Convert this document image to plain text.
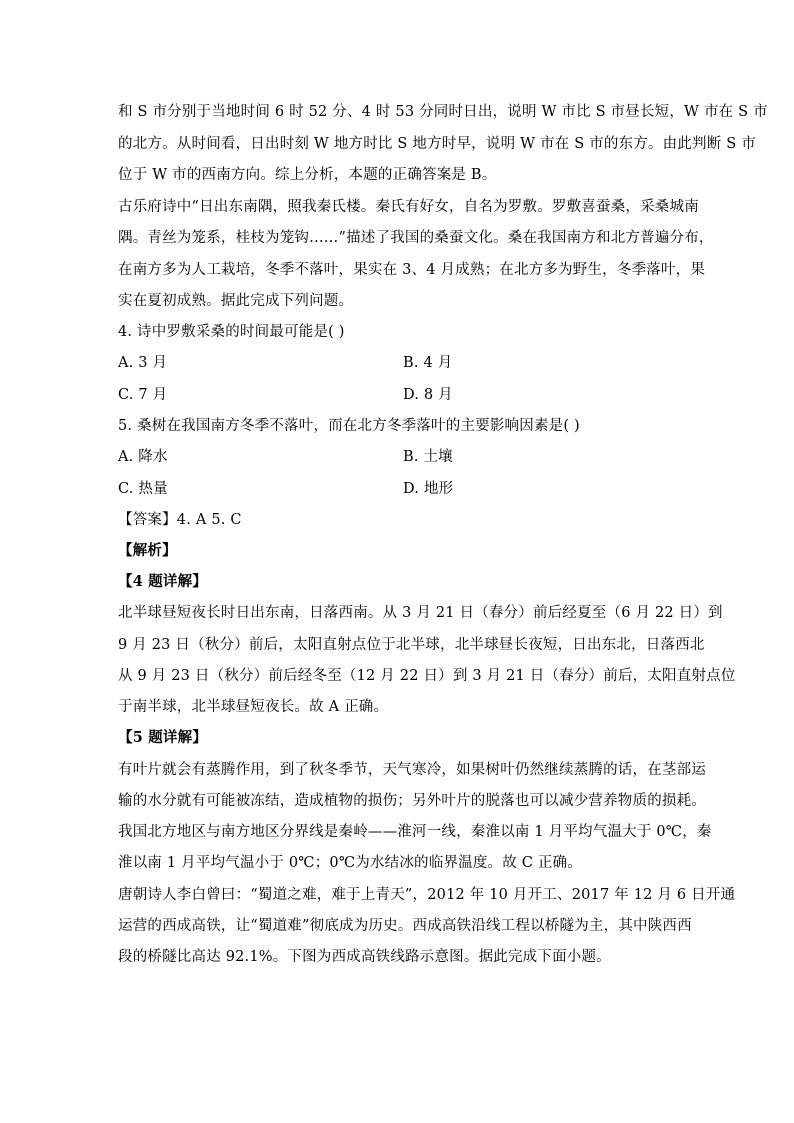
和 S 市分别于当地时间 6 时 52 分、4 时 53 分同时日出，说明 W 市比 S 市昼长短，W 市在 S 市

的北方。从时间看，日出时刻 W 地方时比 S 地方时早，说明 W 市在 S 市的东方。由此判断 S 市

位于 W 市的西南方向。综上分析，本题的正确答案是 B。

古乐府诗中“日出东南隅，照我秦氏楼。秦氏有好女，自名为罗敷。罗敷喜蚕桑，采桑城南

隅。青丝为笼系，桂枝为笼钩……”描述了我国的桑蚕文化。桑在我国南方和北方普遍分布，

在南方多为人工栽培，冬季不落叶，果实在 3、4 月成熟；在北方多为野生，冬季落叶，果

实在夏初成熟。据此完成下列问题。

4. 诗中罗敷采桑的时间最可能是( )

A. 3 月	B. 4 月

C. 7 月	D. 8 月

5. 桑树在我国南方冬季不落叶，而在北方冬季落叶的主要影响因素是( )

A. 降水	B. 土壤

C. 热量	D. 地形

【答案】4. A 5. C

【解析】

【4 题详解】

北半球昼短夜长时日出东南，日落西南。从 3 月 21 日（春分）前后经夏至（6 月 22 日）到

9 月 23 日（秋分）前后，太阳直射点位于北半球，北半球昼长夜短，日出东北，日落西北

从 9 月 23 日（秋分）前后经冬至（12 月 22 日）到 3 月 21 日（春分）前后，太阳直射点位

于南半球，北半球昼短夜长。故 A 正确。

【5 题详解】

有叶片就会有蒸腾作用，到了秋冬季节，天气寒冷，如果树叶仍然继续蒸腾的话，在茎部运

输的水分就有可能被冻结，造成植物的损伤；另外叶片的脱落也可以减少营养物质的损耗。

我国北方地区与南方地区分界线是秦岭——淮河一线，秦淮以南 1 月平均气温大于 0℃，秦

淮以南 1 月平均气温小于 0℃；0℃为水结冰的临界温度。故 C 正确。

唐朝诗人李白曾曰：“蜀道之难，难于上青天”，2012 年 10 月开工、2017 年 12 月 6 日开通

运营的西成高铁，让“蜀道难”彻底成为历史。西成高铁沿线工程以桥隧为主，其中陕西西

段的桥隧比高达 92.1%。下图为西成高铁线路示意图。据此完成下面小题。
